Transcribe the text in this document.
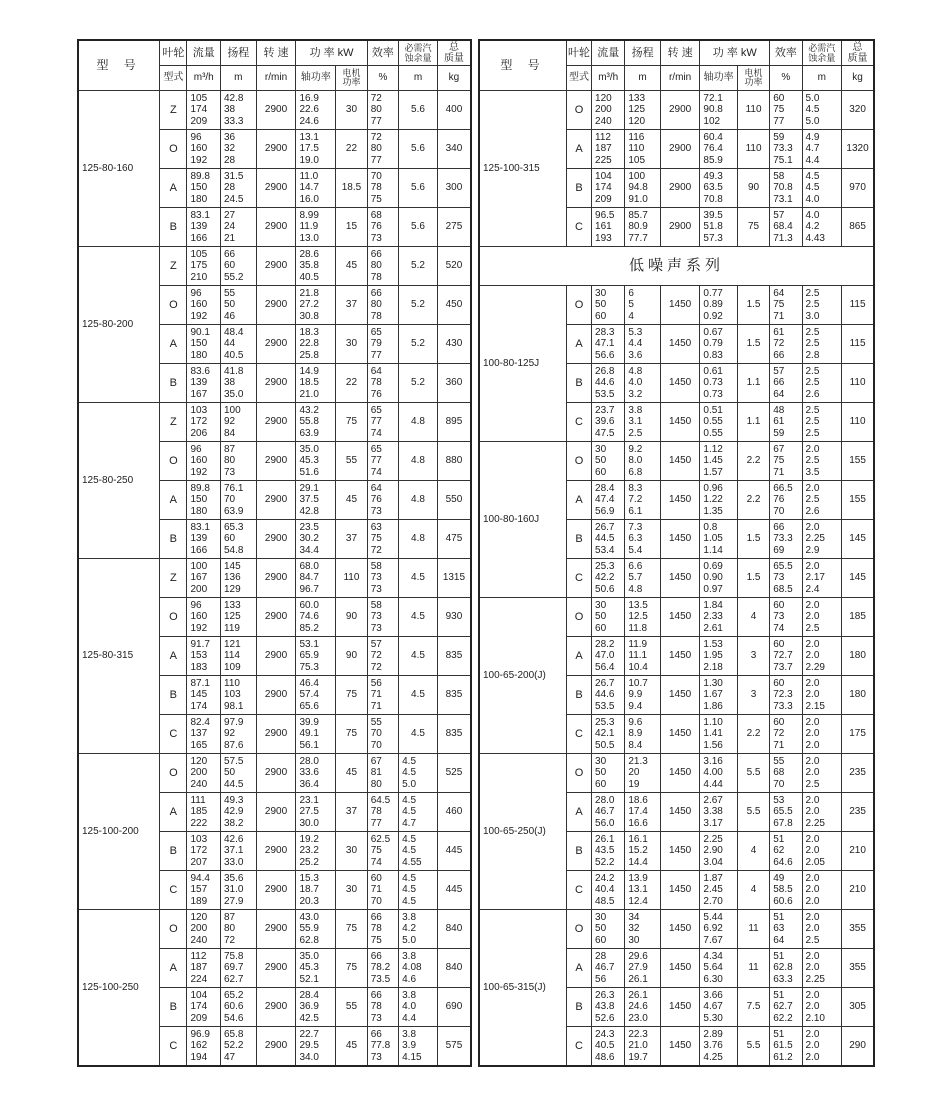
型 号	叶轮	流量	扬程	转 速	功 率 kW		效率	必需汽
蚀余量	总
质量
	型式	m³/h	m	r/min	轴功率	电机
功率	%	m	kg
125-80-160	Z	105
174
209	42.8
38
33.3	2900	16.9
22.6
24.6	30	72
80
77	5.6	400
	O	96
160
192	36
32
28	2900	13.1
17.5
19.0	22	72
80
77	5.6	340
	A	89.8
150
180	31.5
28
24.5	2900	11.0
14.7
16.0	18.5	70
78
75	5.6	300
	B	83.1
139
166	27
24
21	2900	8.99
11.9
13.0	15	68
76
73	5.6	275
125-80-200	Z	105
175
210	66
60
55.2	2900	28.6
35.8
40.5	45	66
80
78	5.2	520
	O	96
160
192	55
50
46	2900	21.8
27.2
30.8	37	66
80
78	5.2	450
	A	90.1
150
180	48.4
44
40.5	2900	18.3
22.8
25.8	30	65
79
77	5.2	430
	B	83.6
139
167	41.8
38
35.0	2900	14.9
18.5
21.0	22	64
78
76	5.2	360
125-80-250	Z	103
172
206	100
92
84	2900	43.2
55.8
63.9	75	65
77
74	4.8	895
	O	96
160
192	87
80
73	2900	35.0
45.3
51.6	55	65
77
74	4.8	880
	A	89.8
150
180	76.1
70
63.9	2900	29.1
37.5
42.8	45	64
76
73	4.8	550
	B	83.1
139
166	65.3
60
54.8	2900	23.5
30.2
34.4	37	63
75
72	4.8	475
125-80-315	Z	100
167
200	145
136
129	2900	68.0
84.7
96.7	110	58
73
73	4.5	1315
	O	96
160
192	133
125
119	2900	60.0
74.6
85.2	90	58
73
73	4.5	930
	A	91.7
153
183	121
114
109	2900	53.1
65.9
75.3	90	57
72
72	4.5	835
	B	87.1
145
174	110
103
98.1	2900	46.4
57.4
65.6	75	56
71
71	4.5	835
	C	82.4
137
165	97.9
92
87.6	2900	39.9
49.1
56.1	75	55
70
70	4.5	835
125-100-200	O	120
200
240	57.5
50
44.5	2900	28.0
33.6
36.4	45	67
81
80	4.5
4.5
5.0	525
	A	111
185
222	49.3
42.9
38.2	2900	23.1
27.5
30.0	37	64.5
78
77	4.5
4.5
4.7	460
	B	103
172
207	42.6
37.1
33.0	2900	19.2
23.2
25.2	30	62.5
75
74	4.5
4.5
4.55	445
	C	94.4
157
189	35.6
31.0
27.9	2900	15.3
18.7
20.3	30	60
71
70	4.5
4.5
4.5	445
125-100-250	O	120
200
240	87
80
72	2900	43.0
55.9
62.8	75	66
78
75	3.8
4.2
5.0	840
	A	112
187
224	75.8
69.7
62.7	2900	35.0
45.3
52.1	75	66
78.2
73.5	3.8
4.08
4.6	840
	B	104
174
209	65.2
60.6
54.6	2900	28.4
36.9
42.5	55	66
78
73	3.8
4.0
4.4	690
	C	96.9
162
194	65.8
52.2
47	2900	22.7
29.5
34.0	45	66
77.8
73	3.8
3.9
4.15	575
型 号	叶轮	流量	扬程	转 速	功 率 kW		效率	必需汽
蚀余量	总
质量
	型式	m³/h	m	r/min	轴功率	电机
功率	%	m	kg
125-100-315	O	120
200
240	133
125
120	2900	72.1
90.8
102	110	60
75
77	5.0
4.5
5.0	320
	A	112
187
225	116
110
105	2900	60.4
76.4
85.9	110	59
73.3
75.1	4.9
4.7
4.4	1320
	B	104
174
209	100
94.8
91.0	2900	49.3
63.5
70.8	90	58
70.8
73.1	4.5
4.5
4.0	970
	C	96.5
161
193	85.7
80.9
77.7	2900	39.5
51.8
57.3	75	57
68.4
71.3	4.0
4.2
4.43	865
低噪声系列									
100-80-125J	O	30
50
60	6
5
4	1450	0.77
0.89
0.92	1.5	64
75
71	2.5
2.5
3.0	115
	A	28.3
47.1
56.6	5.3
4.4
3.6	1450	0.67
0.79
0.83	1.5	61
72
66	2.5
2.5
2.8	115
	B	26.8
44.6
53.5	4.8
4.0
3.2	1450	0.61
0.73
0.73	1.1	57
66
64	2.5
2.5
2.6	110
	C	23.7
39.6
47.5	3.8
3.1
2.5	1450	0.51
0.55
0.55	1.1	48
61
59	2.5
2.5
2.5	110
100-80-160J	O	30
50
60	9.2
8.0
6.8	1450	1.12
1.45
1.57	2.2	67
75
71	2.0
2.5
3.5	155
	A	28.4
47.4
56.9	8.3
7.2
6.1	1450	0.96
1.22
1.35	2.2	66.5
76
70	2.0
2.5
2.6	155
	B	26.7
44.5
53.4	7.3
6.3
5.4	1450	0.8
1.05
1.14	1.5	66
73.3
69	2.0
2.25
2.9	145
	C	25.3
42.2
50.6	6.6
5.7
4.8	1450	0.69
0.90
0.97	1.5	65.5
73
68.5	2.0
2.17
2.4	145
100-65-200(J)	O	30
50
60	13.5
12.5
11.8	1450	1.84
2.33
2.61	4	60
73
74	2.0
2.0
2.5	185
	A	28.2
47.0
56.4	11.9
11.1
10.4	1450	1.53
1.95
2.18	3	60
72.7
73.7	2.0
2.0
2.29	180
	B	26.7
44.6
53.5	10.7
9.9
9.4	1450	1.30
1.67
1.86	3	60
72.3
73.3	2.0
2.0
2.15	180
	C	25.3
42.1
50.5	9.6
8.9
8.4	1450	1.10
1.41
1.56	2.2	60
72
71	2.0
2.0
2.0	175
100-65-250(J)	O	30
50
60	21.3
20
19	1450	3.16
4.00
4.44	5.5	55
68
70	2.0
2.0
2.5	235
	A	28.0
46.7
56.0	18.6
17.4
16.6	1450	2.67
3.38
3.17	5.5	53
65.5
67.8	2.0
2.0
2.25	235
	B	26.1
43.5
52.2	16.1
15.2
14.4	1450	2.25
2.90
3.04	4	51
62
64.6	2.0
2.0
2.05	210
	C	24.2
40.4
48.5	13.9
13.1
12.4	1450	1.87
2.45
2.70	4	49
58.5
60.6	2.0
2.0
2.0	210
100-65-315(J)	O	30
50
60	34
32
30	1450	5.44
6.92
7.67	11	51
63
64	2.0
2.0
2.5	355
	A	28
46.7
56	29.6
27.9
26.1	1450	4.34
5.64
6.30	11	51
62.8
63.3	2.0
2.0
2.25	355
	B	26.3
43.8
52.6	26.1
24.6
23.0	1450	3.66
4.67
5.30	7.5	51
62.7
62.2	2.0
2.0
2.10	305
	C	24.3
40.5
48.6	22.3
21.0
19.7	1450	2.89
3.76
4.25	5.5	51
61.5
61.2	2.0
2.0
2.0	290
